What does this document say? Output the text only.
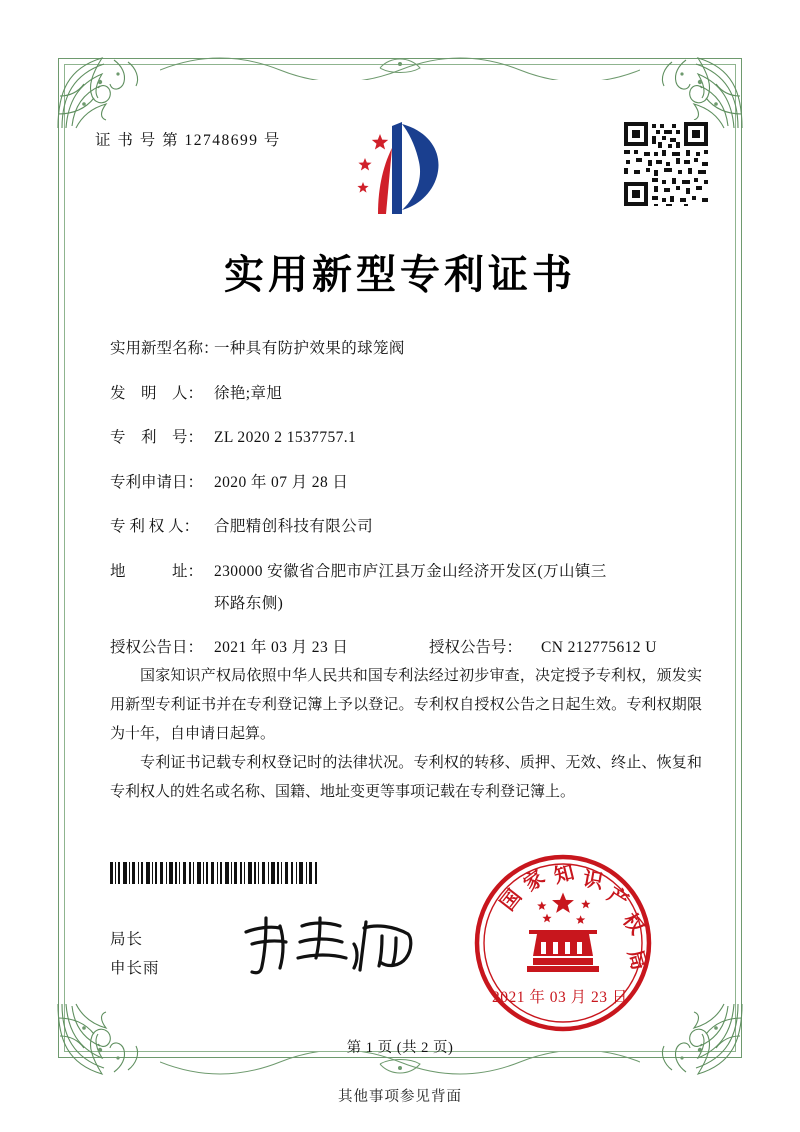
证 书 号 第 12748699 号
实用新型专利证书
实用新型名称：
一种具有防护效果的球笼阀
发　明　人： 徐艳;章旭
专　利　号： ZL 2020 2 1537757.1
专利申请日： 2020 年 07 月 28 日
专 利 权 人： 合肥精创科技有限公司
地　　　址： 230000 安徽省合肥市庐江县万金山经济开发区(万山镇三
环路东侧)
授权公告日： 2021 年 03 月 23 日	授权公告号：	CN 212775612 U

国家知识产权局依照中华人民共和国专利法经过初步审查，决定授予专利权，颁发实用新型专利证书并在专利登记簿上予以登记。专利权自授权公告之日起生效。专利权期限为十年，自申请日起算。

专利证书记载专利权登记时的法律状况。专利权的转移、质押、无效、终止、恢复和专利权人的姓名或名称、国籍、地址变更等事项记载在专利登记簿上。

局长
申长雨
国
家 知 识
产
权
局
2021 年 03 月 23 日
第 1 页 (共 2 页)
其他事项参见背面
